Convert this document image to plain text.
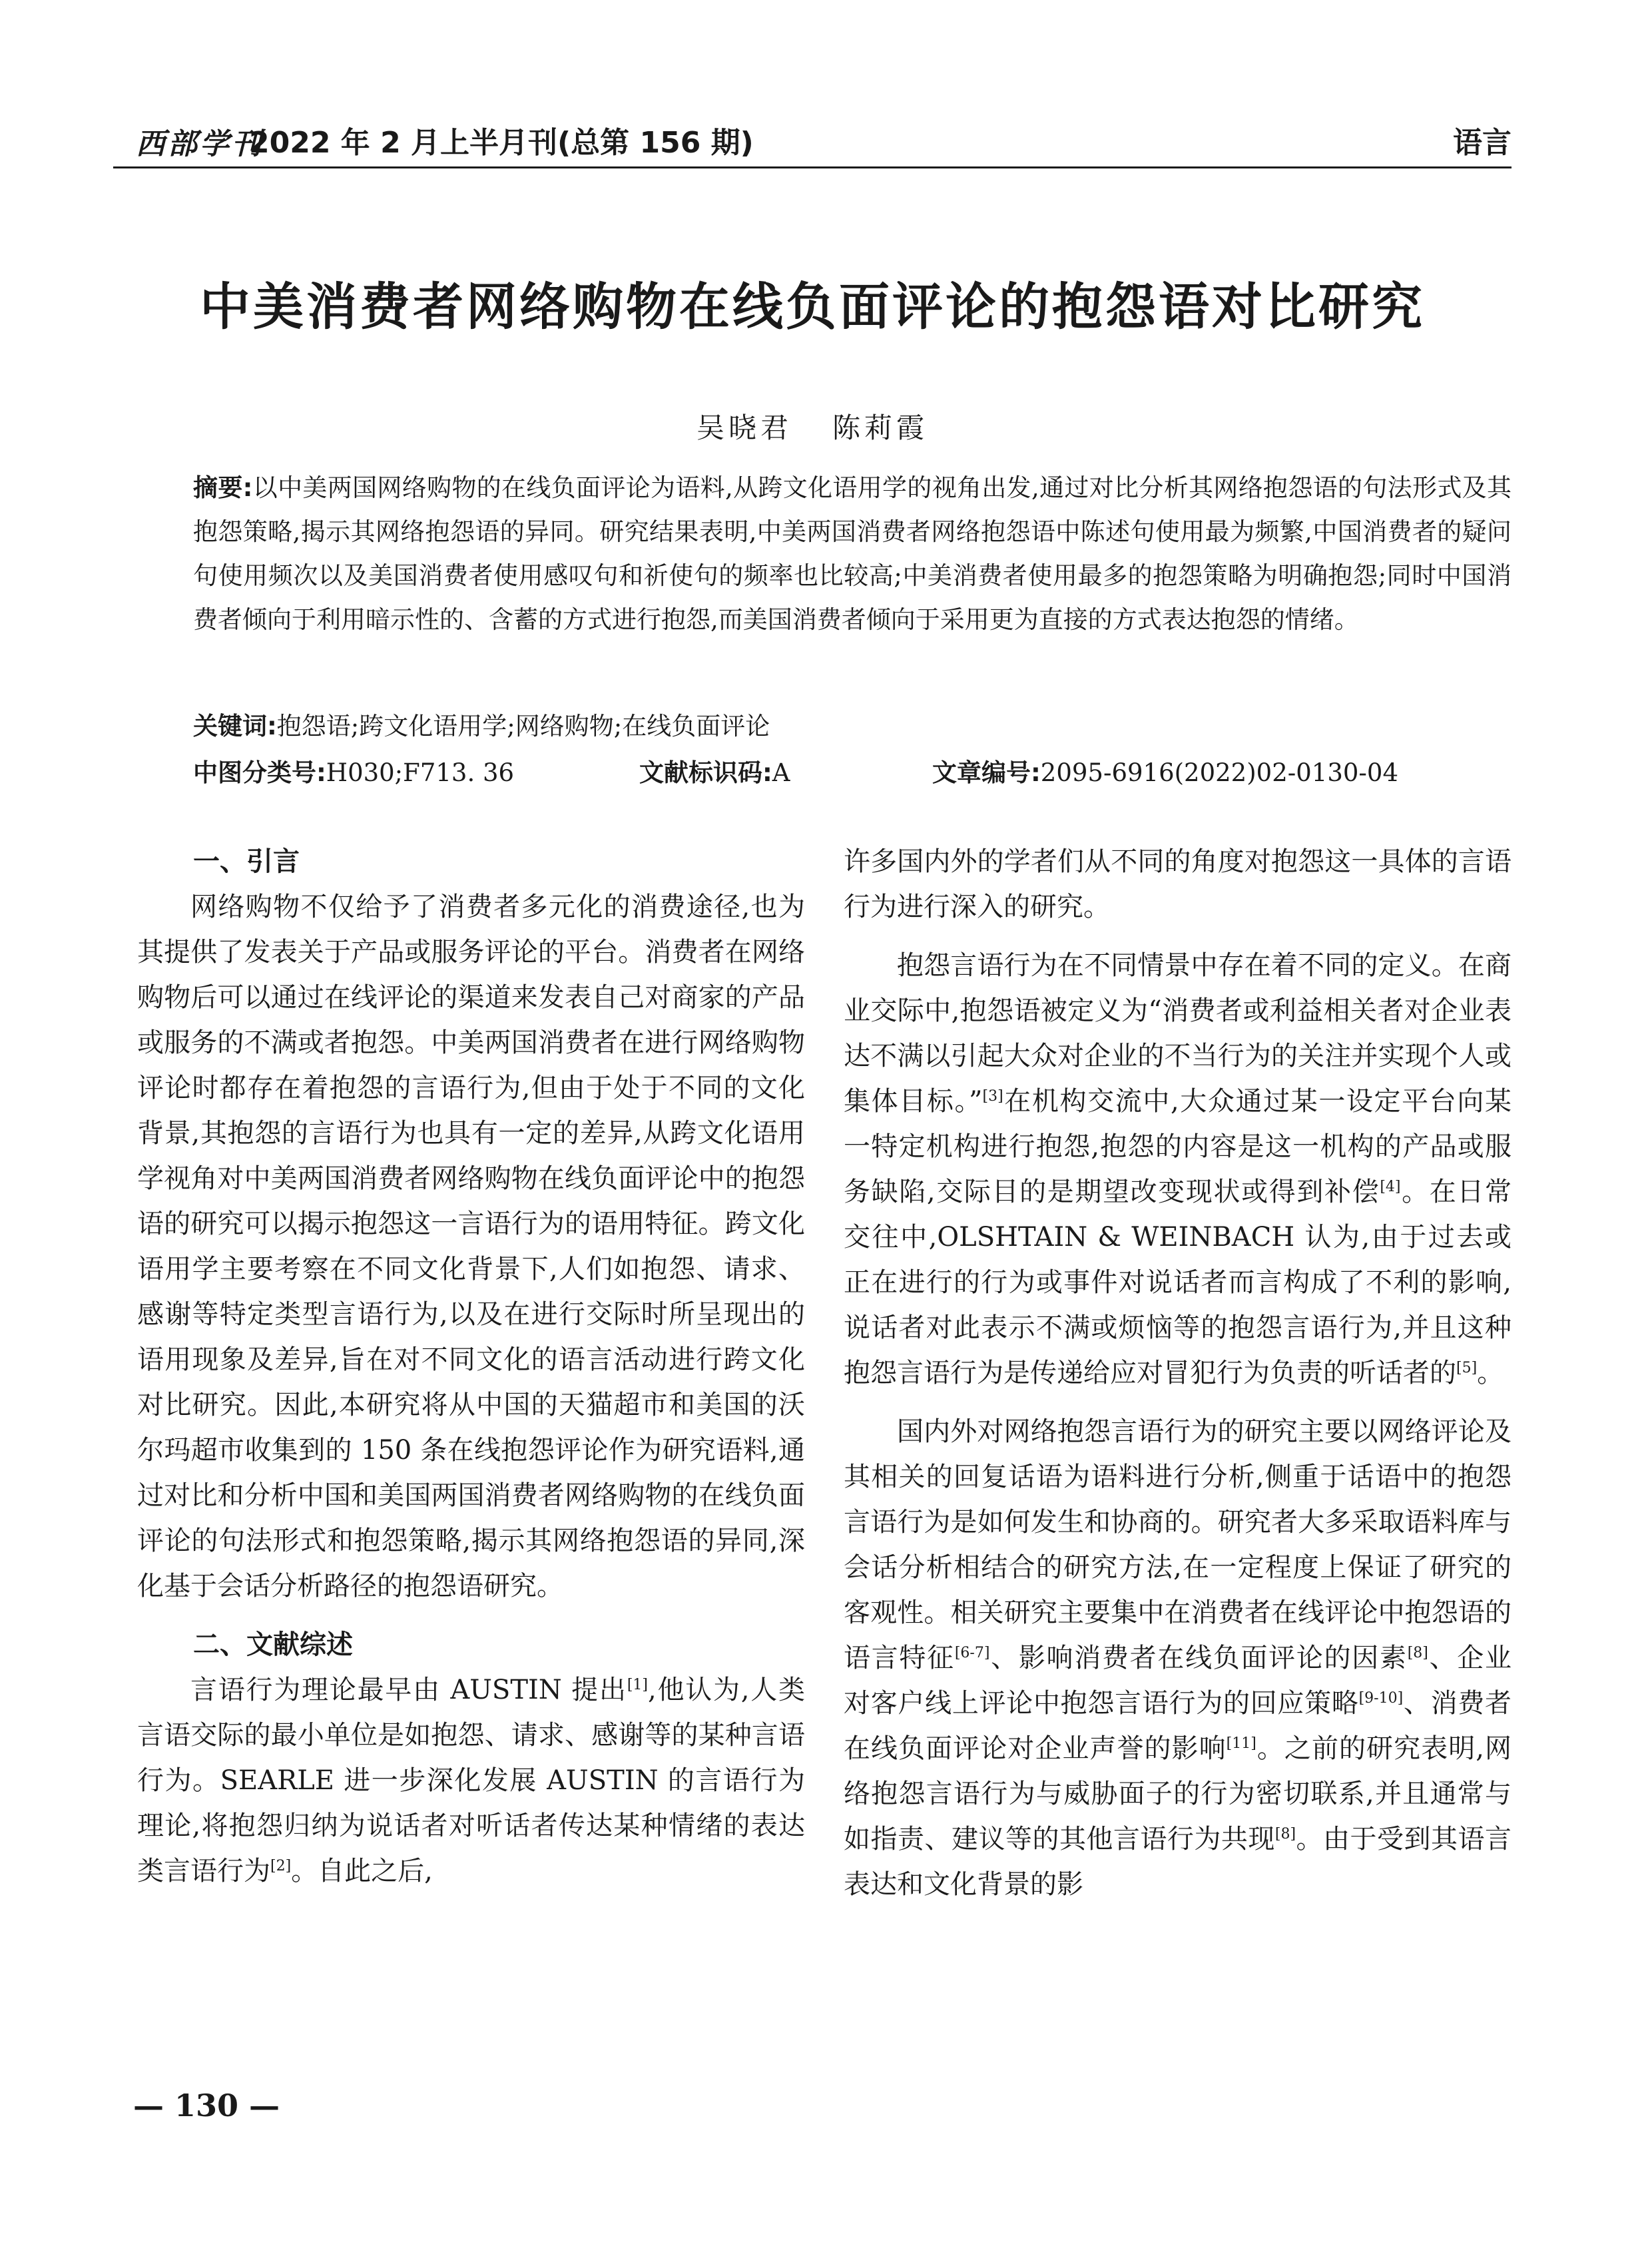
西部学刊
2022 年 2 月上半月刊(总第 156 期)	语言
中美消费者网络购物在线负面评论的抱怨语对比研究
吴晓君 陈莉霞

摘要:以中美两国网络购物的在线负面评论为语料,从跨文化语用学的视角出发,通过对比分析其网络抱怨语的句法形式及其抱怨策略,揭示其网络抱怨语的异同。研究结果表明,中美两国消费者网络抱怨语中陈述句使用最为频繁,中国消费者的疑问句使用频次以及美国消费者使用感叹句和祈使句的频率也比较高;中美消费者使用最多的抱怨策略为明确抱怨;同时中国消费者倾向于利用暗示性的、含蓄的方式进行抱怨,而美国消费者倾向于采用更为直接的方式表达抱怨的情绪。

关键词:抱怨语;跨文化语用学;网络购物;在线负面评论
中图分类号:H030;F713. 36	文献标识码:A	文章编号:2095-6916(2022)02-0130-04
一、引言

网络购物不仅给予了消费者多元化的消费途径,也为其提供了发表关于产品或服务评论的平台。消费者在网络购物后可以通过在线评论的渠道来发表自己对商家的产品或服务的不满或者抱怨。中美两国消费者在进行网络购物评论时都存在着抱怨的言语行为,但由于处于不同的文化背景,其抱怨的言语行为也具有一定的差异,从跨文化语用学视角对中美两国消费者网络购物在线负面评论中的抱怨语的研究可以揭示抱怨这一言语行为的语用特征。跨文化语用学主要考察在不同文化背景下,人们如抱怨、请求、感谢等特定类型言语行为,以及在进行交际时所呈现出的语用现象及差异,旨在对不同文化的语言活动进行跨文化对比研究。因此,本研究将从中国的天猫超市和美国的沃尔玛超市收集到的 150 条在线抱怨评论作为研究语料,通过对比和分析中国和美国两国消费者网络购物的在线负面评论的句法形式和抱怨策略,揭示其网络抱怨语的异同,深化基于会话分析路径的抱怨语研究。

二、文献综述

言语行为理论最早由 AUSTIN 提出[1],他认为,人类言语交际的最小单位是如抱怨、请求、感谢等的某种言语行为。SEARLE 进一步深化发展 AUSTIN 的言语行为理论,将抱怨归纳为说话者对听话者传达某种情绪的表达类言语行为[2]。自此之后,

许多国内外的学者们从不同的角度对抱怨这一具体的言语行为进行深入的研究。

抱怨言语行为在不同情景中存在着不同的定义。在商业交际中,抱怨语被定义为“消费者或利益相关者对企业表达不满以引起大众对企业的不当行为的关注并实现个人或集体目标。”[3]在机构交流中,大众通过某一设定平台向某一特定机构进行抱怨,抱怨的内容是这一机构的产品或服务缺陷,交际目的是期望改变现状或得到补偿[4]。在日常交往中,OLSHTAIN & WEINBACH 认为,由于过去或正在进行的行为或事件对说话者而言构成了不利的影响,说话者对此表示不满或烦恼等的抱怨言语行为,并且这种抱怨言语行为是传递给应对冒犯行为负责的听话者的[5]。

国内外对网络抱怨言语行为的研究主要以网络评论及其相关的回复话语为语料进行分析,侧重于话语中的抱怨言语行为是如何发生和协商的。研究者大多采取语料库与会话分析相结合的研究方法,在一定程度上保证了研究的客观性。相关研究主要集中在消费者在线评论中抱怨语的语言特征[6-7]、影响消费者在线负面评论的因素[8]、企业对客户线上评论中抱怨言语行为的回应策略[9-10]、消费者在线负面评论对企业声誉的影响[11]。之前的研究表明,网络抱怨言语行为与威胁面子的行为密切联系,并且通常与如指责、建议等的其他言语行为共现[8]。由于受到其语言表达和文化背景的影

— 130 —
